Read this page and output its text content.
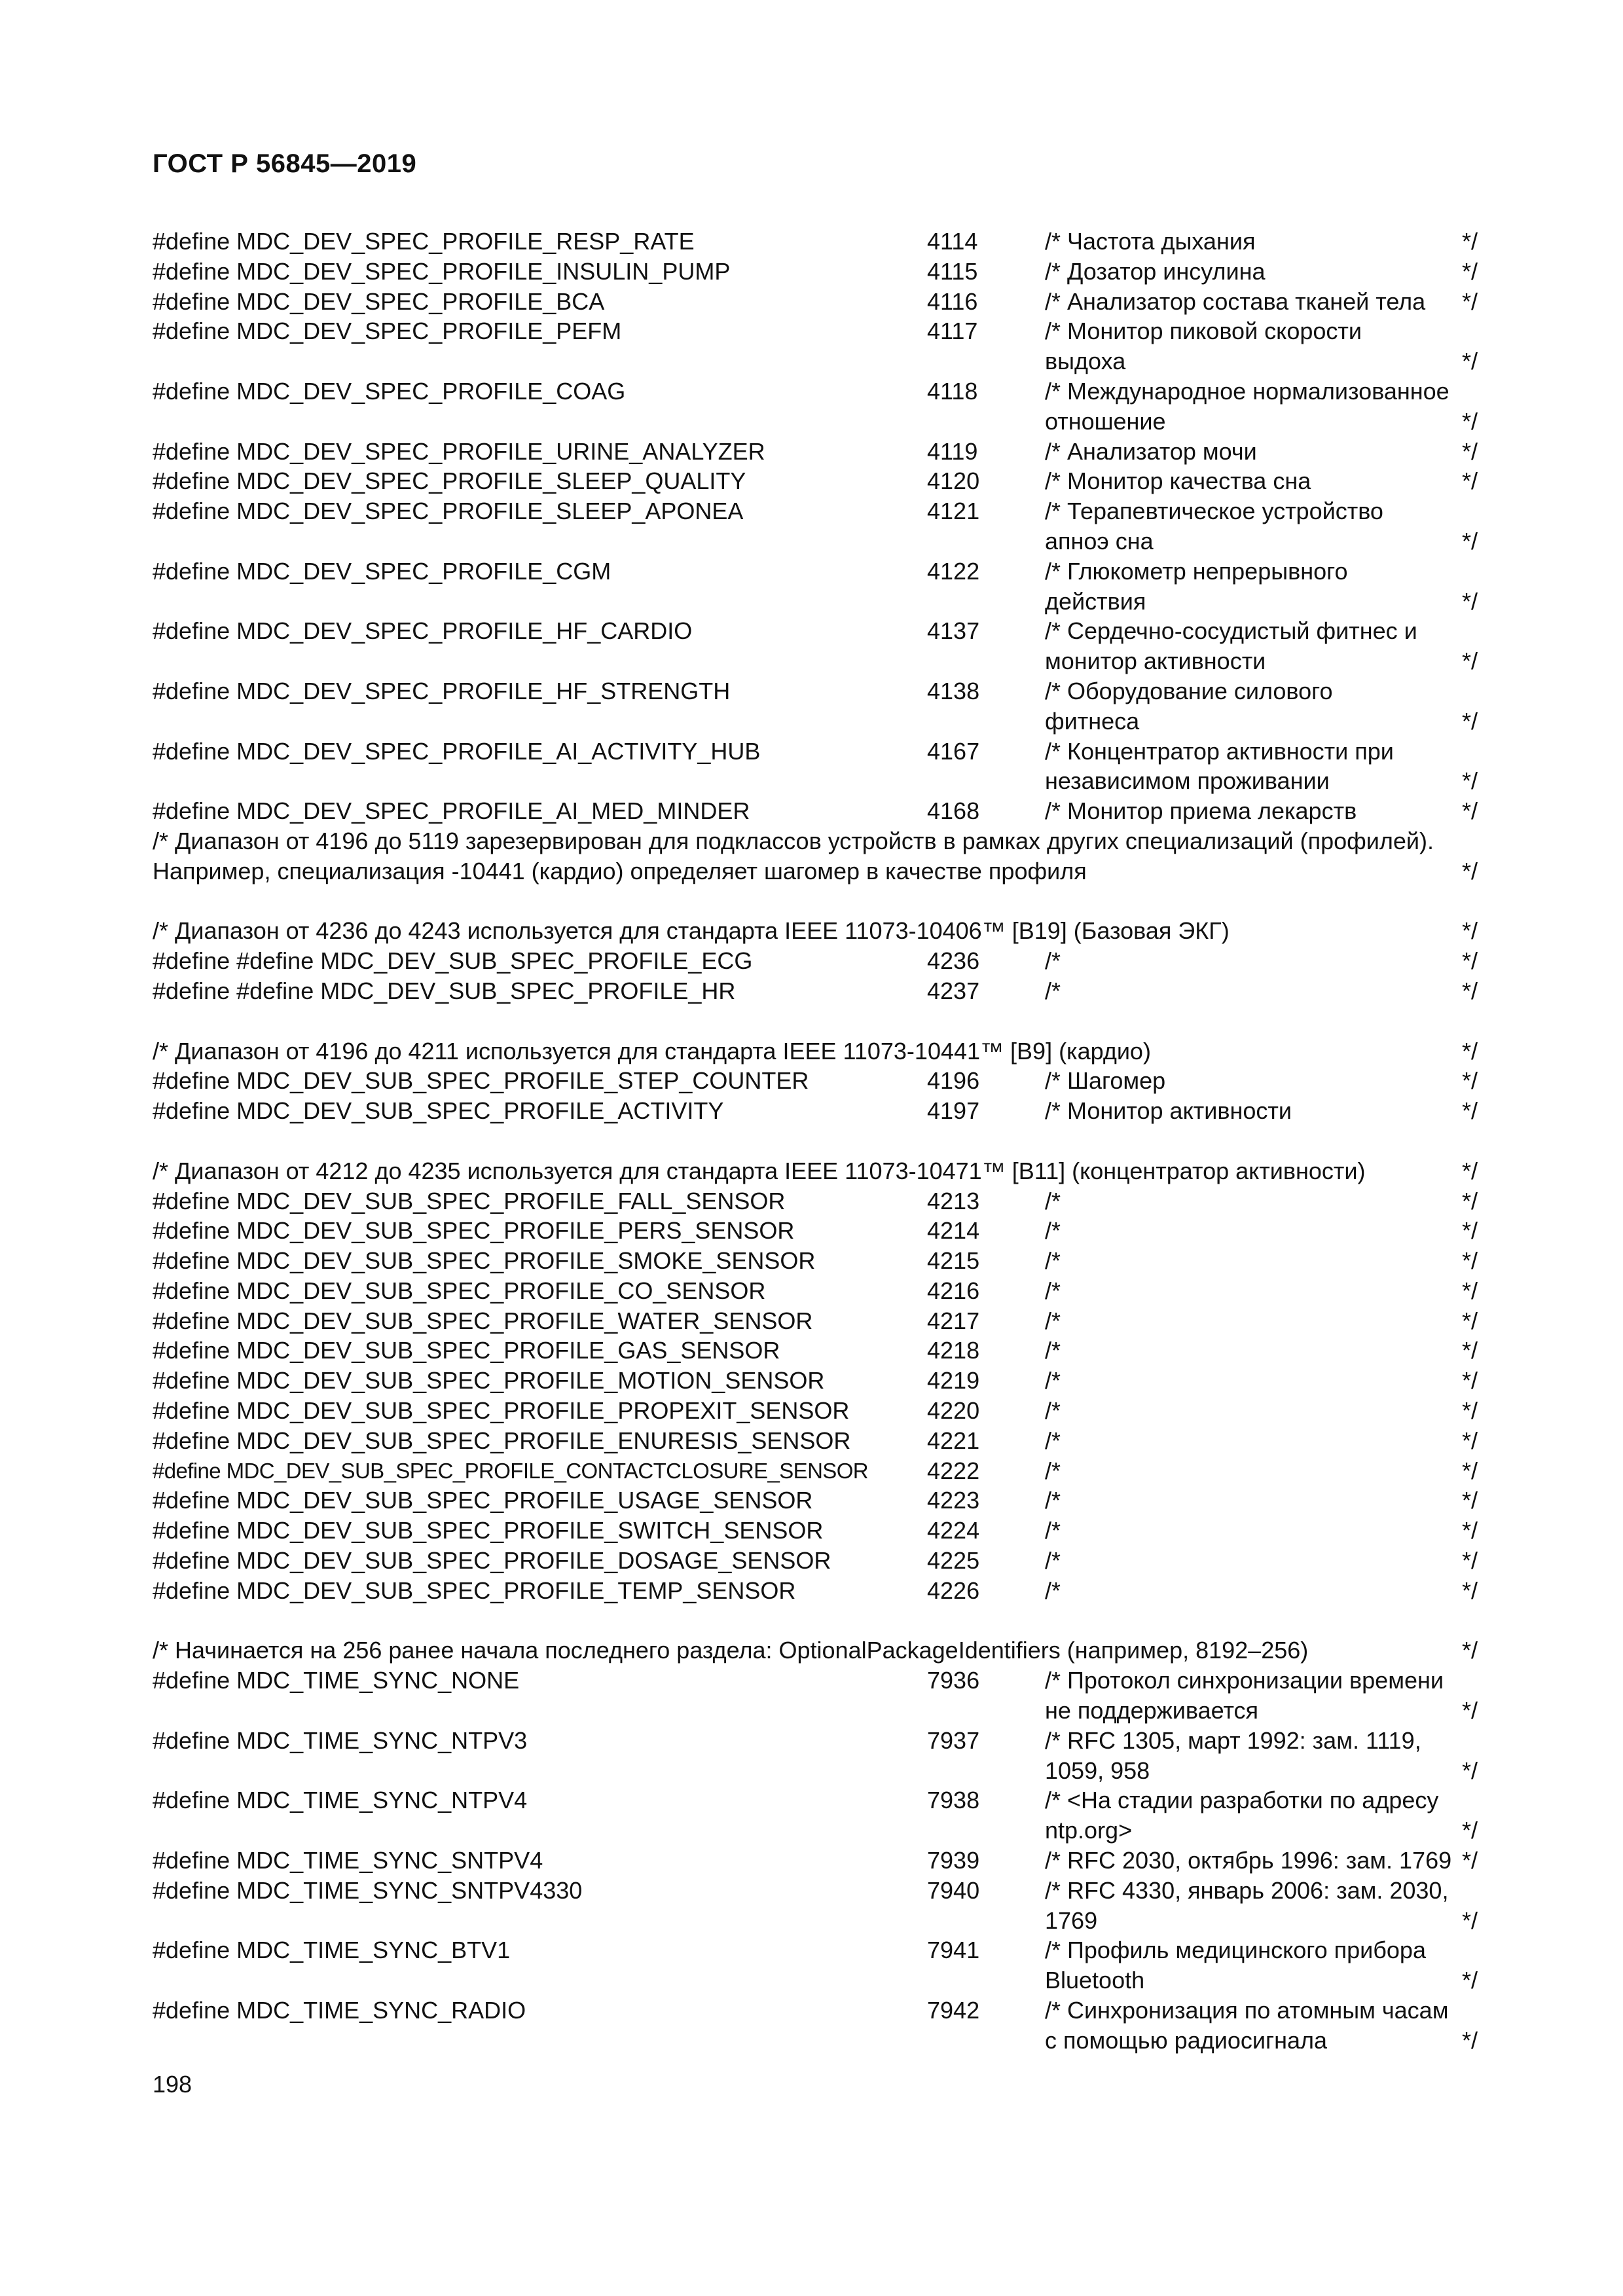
ГОСТ Р 56845—2019
#define MDC_DEV_SPEC_PROFILE_RESP_RATE	4114	/* Частота дыхания	*/
#define MDC_DEV_SPEC_PROFILE_INSULIN_PUMP	4115	/* Дозатор инсулина	*/
#define MDC_DEV_SPEC_PROFILE_BCA	4116	/* Анализатор состава тканей тела	*/
#define MDC_DEV_SPEC_PROFILE_PEFM	4117	/* Монитор пиковой скорости
выдоха	*/
#define MDC_DEV_SPEC_PROFILE_COAG	4118	/* Международное нормализованное
отношение	*/
#define MDC_DEV_SPEC_PROFILE_URINE_ANALYZER	4119	/* Анализатор мочи	*/
#define MDC_DEV_SPEC_PROFILE_SLEEP_QUALITY	4120	/* Монитор качества сна	*/
#define MDC_DEV_SPEC_PROFILE_SLEEP_APONEA	4121	/* Терапевтическое устройство
апноэ сна	*/
#define MDC_DEV_SPEC_PROFILE_CGM	4122	/* Глюкометр непрерывного
действия	*/
#define MDC_DEV_SPEC_PROFILE_HF_CARDIO	4137	/* Сердечно-сосудистый фитнес и
монитор активности	*/
#define MDC_DEV_SPEC_PROFILE_HF_STRENGTH	4138	/* Оборудование силового
фитнеса	*/
#define MDC_DEV_SPEC_PROFILE_AI_ACTIVITY_HUB	4167	/* Концентратор активности при
независимом проживании	*/
#define MDC_DEV_SPEC_PROFILE_AI_MED_MINDER	4168	/* Монитор приема лекарств	*/
/* Диапазон от 4196 до 5119 зарезервирован для подклассов устройств в рамках других специализаций (профилей).
Например, специализация -10441 (кардио) определяет шагомер в качестве профиля	*/
/* Диапазон от 4236 до 4243 используется для стандарта IEEE 11073-10406™ [B19] (Базовая ЭКГ)	*/
#define #define MDC_DEV_SUB_SPEC_PROFILE_ECG	4236	/*	*/
#define #define MDC_DEV_SUB_SPEC_PROFILE_HR	4237	/*	*/
/* Диапазон от 4196 до 4211 используется для стандарта IEEE 11073-10441™ [B9] (кардио)	*/
#define MDC_DEV_SUB_SPEC_PROFILE_STEP_COUNTER	4196	/* Шагомер	*/
#define MDC_DEV_SUB_SPEC_PROFILE_ACTIVITY	4197	/* Монитор активности	*/
/* Диапазон от 4212 до 4235 используется для стандарта IEEE 11073-10471™ [B11] (концентратор активности)	*/
#define MDC_DEV_SUB_SPEC_PROFILE_FALL_SENSOR	4213	/*	*/
#define MDC_DEV_SUB_SPEC_PROFILE_PERS_SENSOR	4214	/*	*/
#define MDC_DEV_SUB_SPEC_PROFILE_SMOKE_SENSOR	4215	/*	*/
#define MDC_DEV_SUB_SPEC_PROFILE_CO_SENSOR	4216	/*	*/
#define MDC_DEV_SUB_SPEC_PROFILE_WATER_SENSOR	4217	/*	*/
#define MDC_DEV_SUB_SPEC_PROFILE_GAS_SENSOR	4218	/*	*/
#define MDC_DEV_SUB_SPEC_PROFILE_MOTION_SENSOR	4219	/*	*/
#define MDC_DEV_SUB_SPEC_PROFILE_PROPEXIT_SENSOR	4220	/*	*/
#define MDC_DEV_SUB_SPEC_PROFILE_ENURESIS_SENSOR	4221	/*	*/
#define MDC_DEV_SUB_SPEC_PROFILE_CONTACTCLOSURE_SENSOR 4222	/*	*/
#define MDC_DEV_SUB_SPEC_PROFILE_USAGE_SENSOR	4223	/*	*/
#define MDC_DEV_SUB_SPEC_PROFILE_SWITCH_SENSOR	4224	/*	*/
#define MDC_DEV_SUB_SPEC_PROFILE_DOSAGE_SENSOR	4225	/*	*/
#define MDC_DEV_SUB_SPEC_PROFILE_TEMP_SENSOR	4226	/*	*/
/* Начинается на 256 ранее начала последнего раздела: OptionalPackageIdentifiers (например, 8192–256)	*/
#define MDC_TIME_SYNC_NONE	7936	/* Протокол синхронизации времени
не поддерживается	*/
#define MDC_TIME_SYNC_NTPV3	7937	/* RFC 1305, март 1992: зам. 1119,
1059, 958	*/
#define MDC_TIME_SYNC_NTPV4	7938	/* <На стадии разработки по адресу
ntp.org>	*/
#define MDC_TIME_SYNC_SNTPV4	7939	/* RFC 2030, октябрь 1996: зам. 1769 */
#define MDC_TIME_SYNC_SNTPV4330	7940	/* RFC 4330, январь 2006: зам. 2030,
1769	*/
#define MDC_TIME_SYNC_BTV1	7941	/* Профиль медицинского прибора
Bluetooth	*/
#define MDC_TIME_SYNC_RADIO	7942	/* Синхронизация по атомным часам
с помощью радиосигнала	*/
198
